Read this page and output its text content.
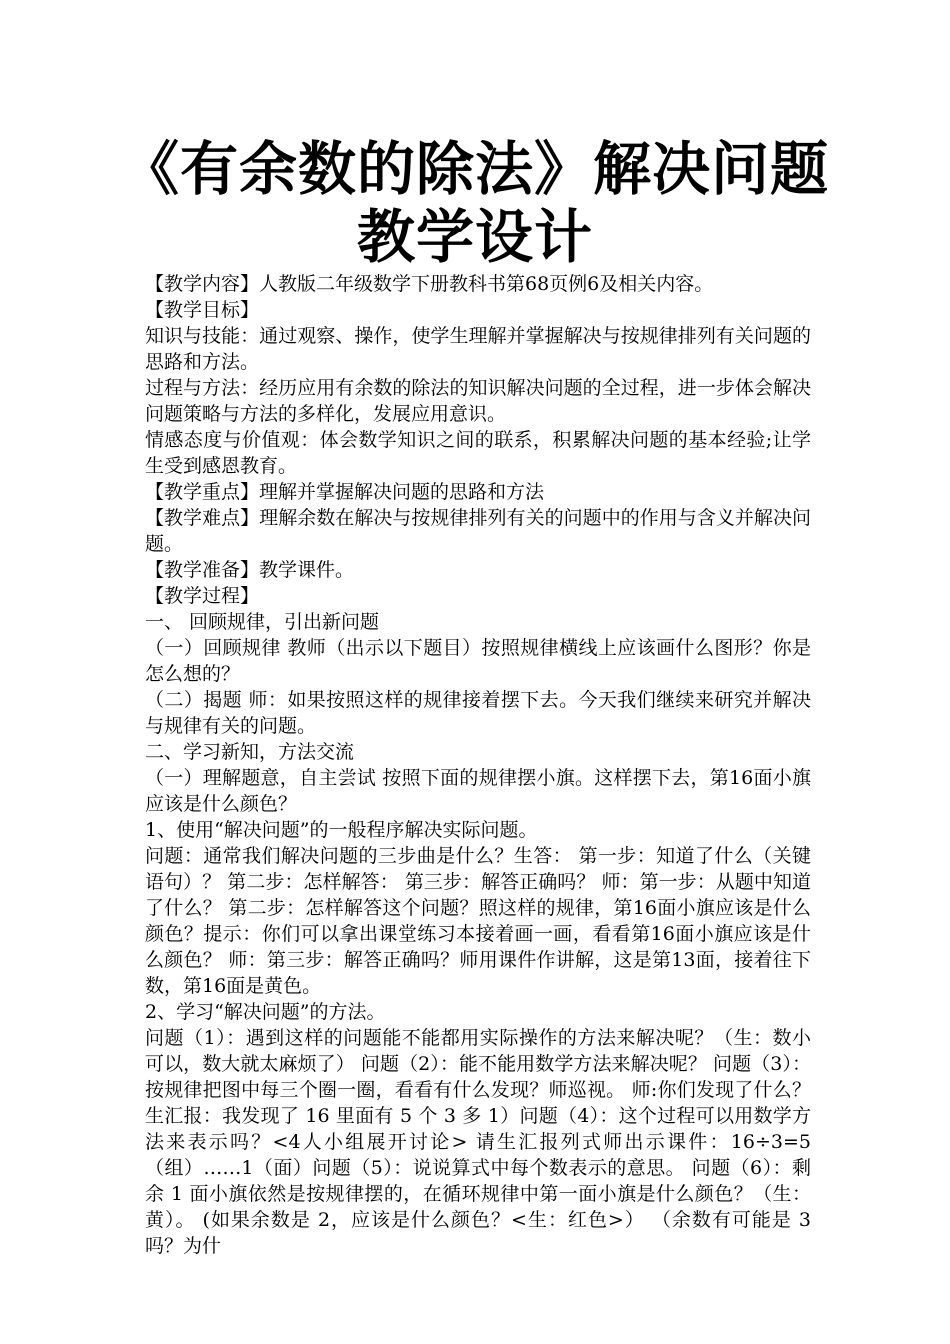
《有余数的除法》解决问题
教学设计

【教学内容】人教版二年级数学下册教科书第68页例6及相关内容。

【教学目标】

知识与技能：通过观察、操作，使学生理解并掌握解决与按规律排列有关问题的思路和方法。

过程与方法：经历应用有余数的除法的知识解决问题的全过程，进一步体会解决问题策略与方法的多样化，发展应用意识。

情感态度与价值观：体会数学知识之间的联系，积累解决问题的基本经验;让学生受到感恩教育。

【教学重点】理解并掌握解决问题的思路和方法

【教学难点】理解余数在解决与按规律排列有关的问题中的作用与含义并解决问题。

【教学准备】教学课件。

【教学过程】

一、 回顾规律，引出新问题

（一）回顾规律 教师（出示以下题目）按照规律横线上应该画什么图形？你是怎么想的？

（二）揭题 师：如果按照这样的规律接着摆下去。今天我们继续来研究并解决与规律有关的问题。

二、学习新知，方法交流

（一）理解题意，自主尝试 按照下面的规律摆小旗。这样摆下去，第16面小旗应该是什么颜色？

1、使用“解决问题”的一般程序解决实际问题。

问题：通常我们解决问题的三步曲是什么？生答： 第一步：知道了什么（关键语句）？ 第二步：怎样解答： 第三步：解答正确吗？ 师：第一步：从题中知道了什么？ 第二步：怎样解答这个问题？照这样的规律，第16面小旗应该是什么颜色？提示：你们可以拿出课堂练习本接着画一画，看看第16面小旗应该是什么颜色？ 师：第三步：解答正确吗？师用课件作讲解，这是第13面，接着往下数，第16面是黄色。

2、学习“解决问题”的方法。

问题（1）：遇到这样的问题能不能都用实际操作的方法来解决呢？（生：数小可以，数大就太麻烦了） 问题（2）：能不能用数学方法来解决呢？ 问题（3）：按规律把图中每三个圈一圈，看看有什么发现？师巡视。 师:你们发现了什么？生汇报：我发现了 16 里面有 5 个 3 多 1）问题（4）：这个过程可以用数学方法来表示吗？<4人小组展开讨论> 请生汇报列式师出示课件：16÷3=5（组）……1（面）问题（5）：说说算式中每个数表示的意思。 问题（6）：剩余 1 面小旗依然是按规律摆的，在循环规律中第一面小旗是什么颜色？（生：黄）。 (如果余数是 2，应该是什么颜色？<生：红色>） （余数有可能是 3 吗？为什
